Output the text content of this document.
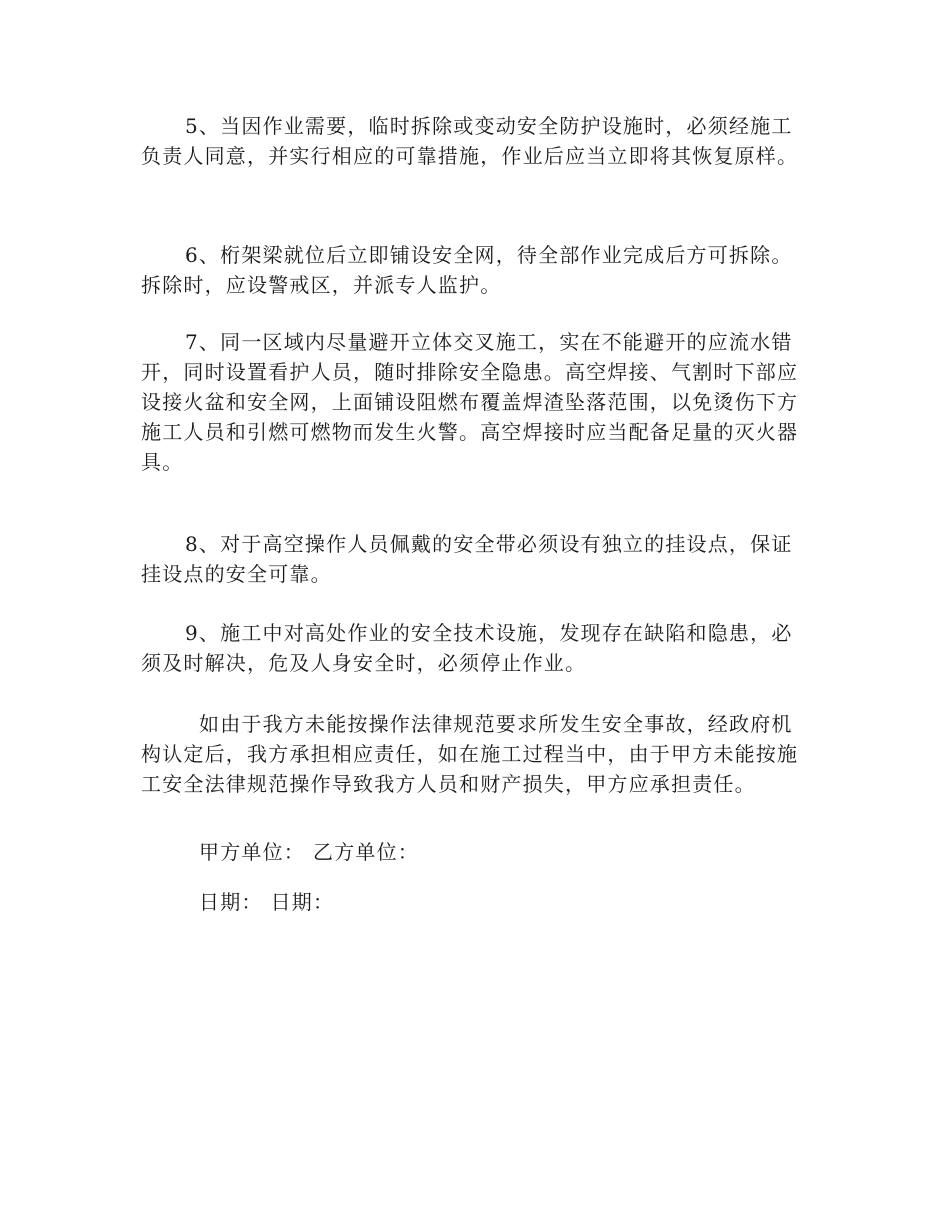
5、当因作业需要，临时拆除或变动安全防护设施时，必须经施工负责人同意，并实行相应的可靠措施，作业后应当立即将其恢复原样。

6、桁架梁就位后立即铺设安全网，待全部作业完成后方可拆除。拆除时，应设警戒区，并派专人监护。

7、同一区域内尽量避开立体交叉施工，实在不能避开的应流水错开，同时设置看护人员，随时排除安全隐患。高空焊接、气割时下部应设接火盆和安全网，上面铺设阻燃布覆盖焊渣坠落范围，以免烫伤下方施工人员和引燃可燃物而发生火警。高空焊接时应当配备足量的灭火器具。

8、对于高空操作人员佩戴的安全带必须设有独立的挂设点，保证挂设点的安全可靠。

9、施工中对高处作业的安全技术设施，发现存在缺陷和隐患，必须及时解决，危及人身安全时，必须停止作业。

如由于我方未能按操作法律规范要求所发生安全事故，经政府机构认定后，我方承担相应责任，如在施工过程当中，由于甲方未能按施工安全法律规范操作导致我方人员和财产损失，甲方应承担责任。

甲方单位： 乙方单位：

日期： 日期：
